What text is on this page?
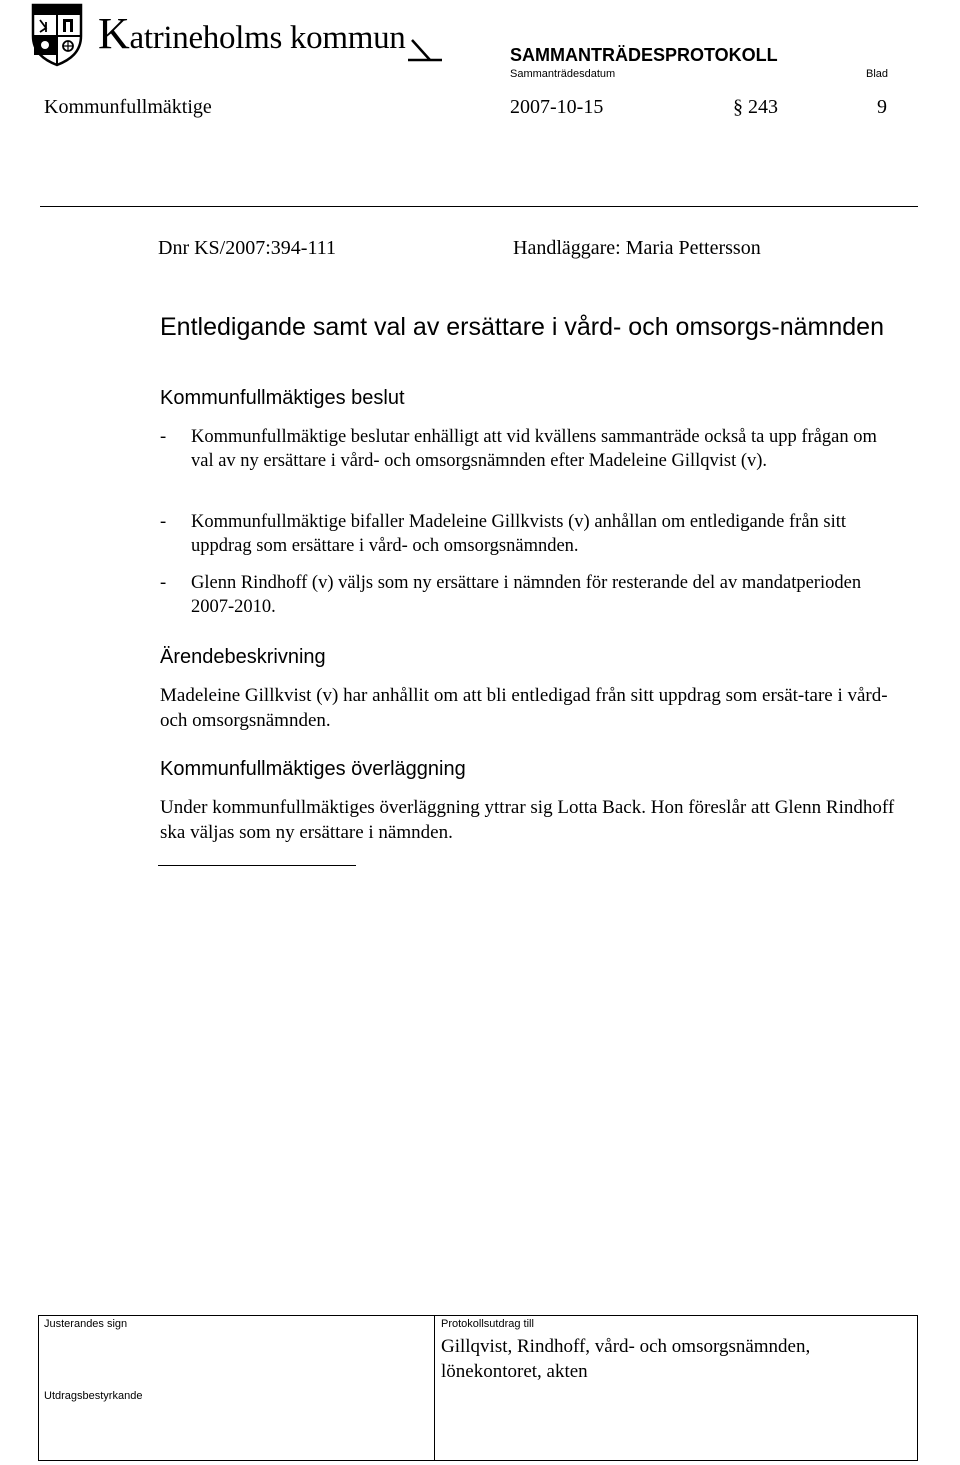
Katrineholms kommun	SAMMANTRÄDESPROTOKOLL
Sammanträdesdatum	Blad
Kommunfullmäktige	2007-10-15	§ 243	9
Dnr KS/2007:394-111	Handläggare: Maria Pettersson
Entledigande samt val av ersättare i vård- och omsorgs-nämnden
Kommunfullmäktiges beslut
- Kommunfullmäktige beslutar enhälligt att vid kvällens sammanträde också ta upp frågan om val av ny ersättare i vård- och omsorgsnämnden efter Madeleine Gillqvist (v).
- Kommunfullmäktige bifaller Madeleine Gillkvists (v) anhållan om entledigande från sitt uppdrag som ersättare i vård- och omsorgsnämnden.
- Glenn Rindhoff (v) väljs som ny ersättare i nämnden för resterande del av mandatperioden 2007-2010.
Ärendebeskrivning
Madeleine Gillkvist (v) har anhållit om att bli entledigad från sitt uppdrag som ersät-tare i vård- och omsorgsnämnden.
Kommunfullmäktiges överläggning
Under kommunfullmäktiges överläggning yttrar sig Lotta Back. Hon föreslår att Glenn Rindhoff ska väljas som ny ersättare i nämnden.
Justerandes sign
Utdragsbestyrkande
Protokollsutdrag till
Gillqvist, Rindhoff, vård- och omsorgsnämnden, lönekontoret, akten
